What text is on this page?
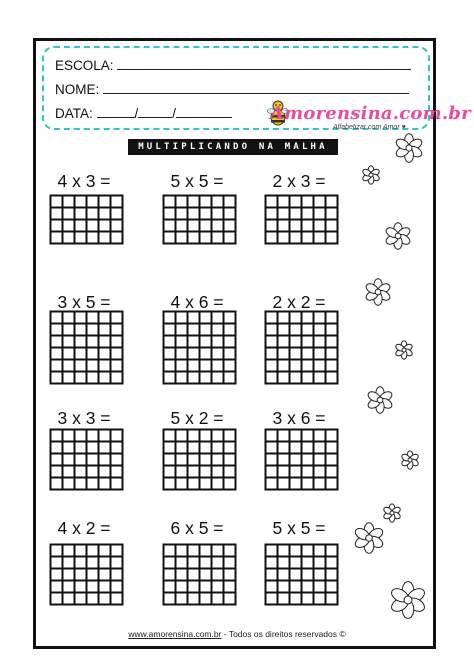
ESCOLA:
NOME:
DATA:	/	/	Amorensina.com.br
Alfabetizar com Amor ♥
MULTIPLICANDO NA MALHA
4 x 3 =	5 x 5 =	2 x 3 =
3 x 5 =	4 x 6 =	2 x 2 =
3 x 3 =	5 x 2 =	3 x 6 =
4 x 2 =	6 x 5 =	5 x 5 =
www.amorensina.com.br - Todos os direitos reservados ©
